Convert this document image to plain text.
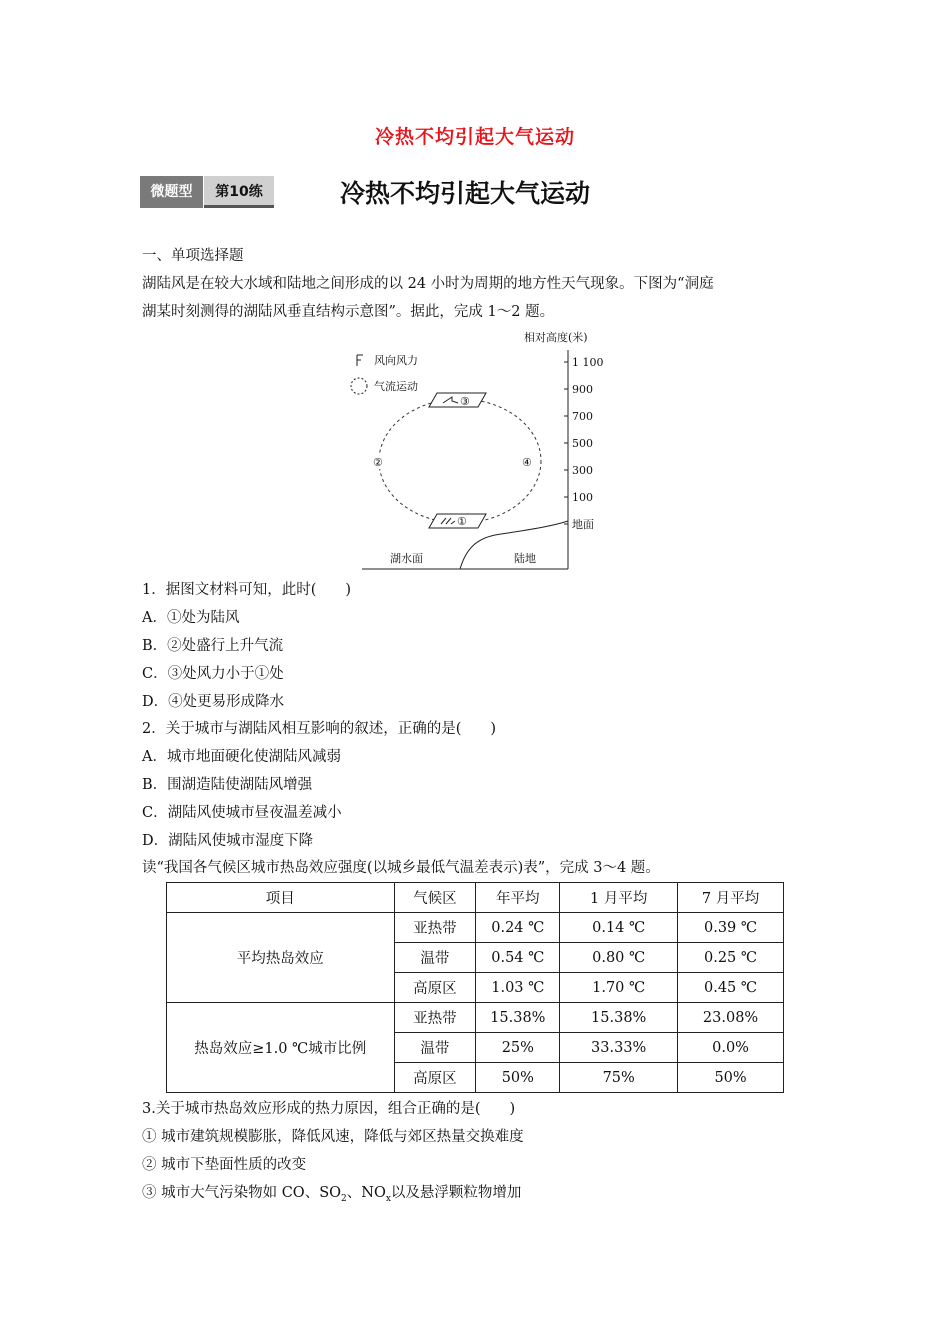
冷热不均引起大气运动
微题型	第10练	冷热不均引起大气运动
一、单项选择题
湖陆风是在较大水域和陆地之间形成的以 24 小时为周期的地方性天气现象。下图为“洞庭
湖某时刻测得的湖陆风垂直结构示意图”。据此，完成 1～2 题。
相对高度(米)
1 100
900
700
500
300
100
地面
湖水面	陆地
风向风力
气流运动
③
①
②	④
1．据图文材料可知，此时(　　)
A．①处为陆风
B．②处盛行上升气流
C．③处风力小于①处
D．④处更易形成降水
2．关于城市与湖陆风相互影响的叙述，正确的是(　　)
A．城市地面硬化使湖陆风减弱
B．围湖造陆使湖陆风增强
C．湖陆风使城市昼夜温差减小
D．湖陆风使城市湿度下降
读“我国各气候区城市热岛效应强度(以城乡最低气温差表示)表”，完成 3～4 题。
项目	气候区	年平均	1 月平均	7 月平均
平均热岛效应	亚热带	0.24 ℃	0.14 ℃	0.39 ℃
	温带	0.54 ℃	0.80 ℃	0.25 ℃
	高原区	1.03 ℃	1.70 ℃	0.45 ℃
热岛效应≥1.0 ℃城市比例	亚热带	15.38%	15.38%	23.08%
	温带	25%	33.33%	0.0%
	高原区	50%	75%	50%
3.关于城市热岛效应形成的热力原因，组合正确的是(　　)
① 城市建筑规模膨胀，降低风速，降低与郊区热量交换难度
② 城市下垫面性质的改变
③ 城市大气污染物如 CO、$SO_2$、$NO_x$以及悬浮颗粒物增加
